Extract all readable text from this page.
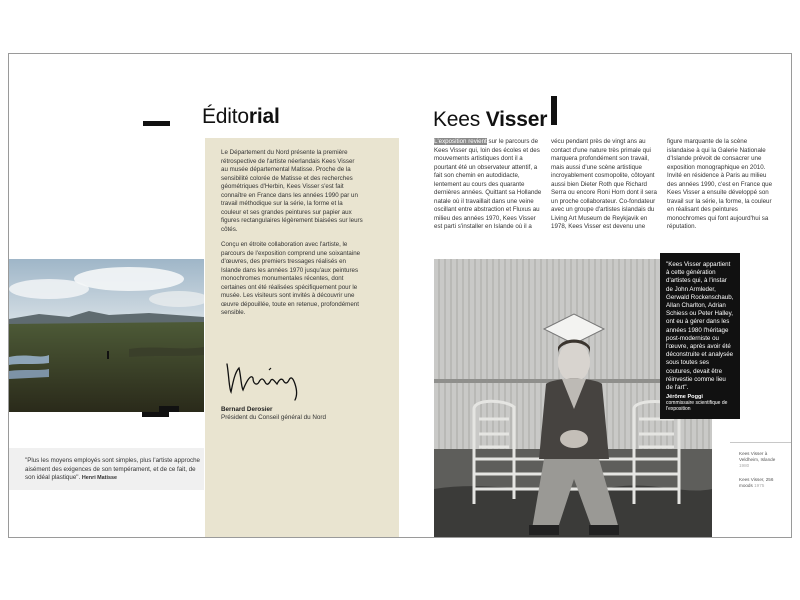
Éditorial

Le Département du Nord présente la première rétrospective de l'artiste néerlandais Kees Visser au musée départemental Matisse. Proche de la sensibilité colorée de Matisse et des recherches géométriques d'Herbin, Kees Visser s'est fait connaître en France dans les années 1990 par un travail méthodique sur la série, la forme et la couleur et ses grandes peintures sur papier aux figures rectangulaires légèrement biaisées sur leurs côtés.

Conçu en étroite collaboration avec l'artiste, le parcours de l'exposition comprend une soixantaine d'œuvres, des premiers tressages réalisés en Islande dans les années 1970 jusqu'aux peintures monochromes monumentales récentes, dont certaines ont été réalisées spécifiquement pour le musée. Les visiteurs sont invités à découvrir une œuvre dépouillée, toute en retenue, profondément sensible.

Bernard Derosier
Président du Conseil général du Nord
"Plus les moyens employés sont simples, plus l'artiste approche aisément des exigences de son tempérament, et de ce fait, de son idéal plastique". Henri Matisse
Kees Visser
L'exposition revient sur le parcours de Kees Visser qui, loin des écoles et des mouvements artistiques dont il a pourtant été un observateur attentif, a fait son chemin en autodidacte, lentement au cours des quarante dernières années. Quittant sa Hollande natale où il travaillait dans une veine oscillant entre abstraction et Fluxus au milieu des années 1970, Kees Visser est parti s'installer en Islande où il a
vécu pendant près de vingt ans au contact d'une nature très primale qui marquera profondément son travail, mais aussi d'une scène artistique incroyablement cosmopolite, côtoyant aussi bien Dieter Roth que Richard Serra ou encore Roni Horn dont il sera un proche collaborateur. Co-fondateur avec un groupe d'artistes islandais du Living Art Museum de Reykjavik en 1978, Kees Visser est devenu une
figure marquante de la scène islandaise à qui la Galerie Nationale d'Islande prévoit de consacrer une exposition monographique en 2010. Invité en résidence à Paris au milieu des années 1990, c'est en France que Kees Visser a ensuite développé son travail sur la série, la forme, la couleur en réalisant des peintures monochromes qui font aujourd'hui sa réputation.
"Kees Visser appartient à cette génération d'artistes qui, à l'instar de John Armleder, Gerwald Rockenschaub, Allan Charlton, Adrian Schiess ou Peter Halley, ont eu à gérer dans les années 1980 l'héritage post-moderniste ou l'œuvre, après avoir été déconstruite et analysée sous toutes ses coutures, devait être réinvestie comme lieu de l'art".
Jérôme Poggi
commissaire scientifique de l'exposition
Kees Visser à Veldheim, Islande 1980
Kees Visser, 256 moods 1975
